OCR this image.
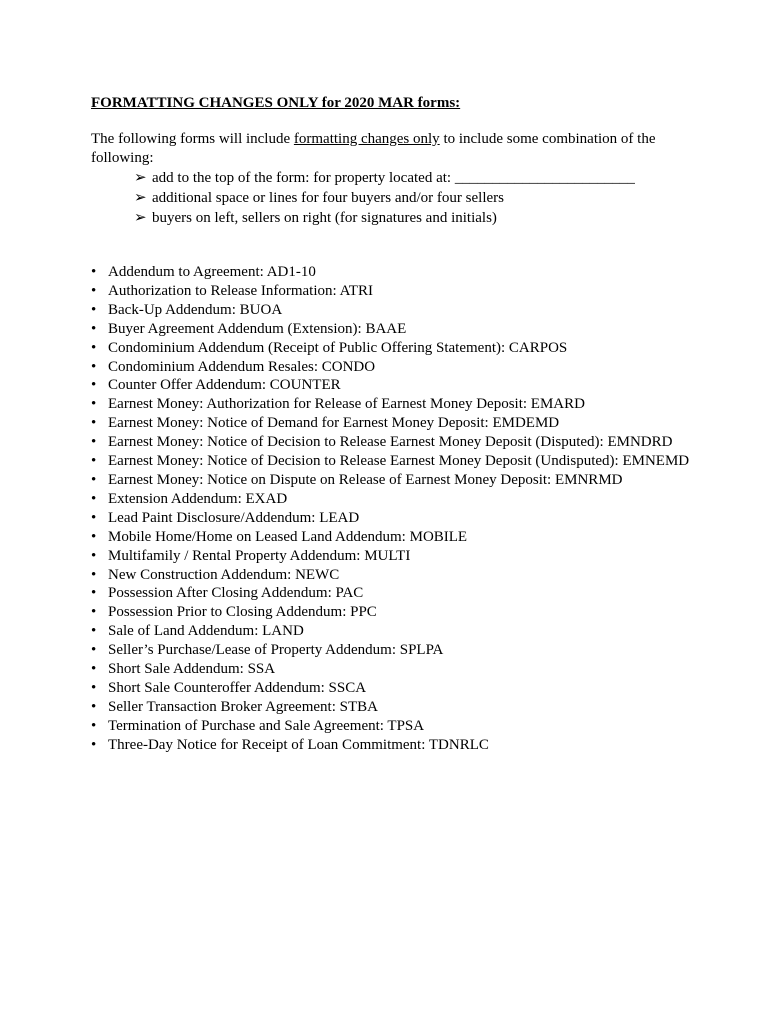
FORMATTING CHANGES ONLY for 2020 MAR forms:
The following forms will include formatting changes only to include some combination of the following:
➢ add to the top of the form: for property located at: ________________________
➢ additional space or lines for four buyers and/or four sellers
➢ buyers on left, sellers on right (for signatures and initials)
• Addendum to Agreement: AD1-10
• Authorization to Release Information: ATRI
• Back-Up Addendum: BUOA
• Buyer Agreement Addendum (Extension): BAAE
• Condominium Addendum (Receipt of Public Offering Statement): CARPOS
• Condominium Addendum Resales: CONDO
• Counter Offer Addendum: COUNTER
• Earnest Money: Authorization for Release of Earnest Money Deposit: EMARD
• Earnest Money: Notice of Demand for Earnest Money Deposit: EMDEMD
• Earnest Money: Notice of Decision to Release Earnest Money Deposit (Disputed): EMNDRD
• Earnest Money: Notice of Decision to Release Earnest Money Deposit (Undisputed): EMNEMD
• Earnest Money: Notice on Dispute on Release of Earnest Money Deposit: EMNRMD
• Extension Addendum: EXAD
• Lead Paint Disclosure/Addendum: LEAD
• Mobile Home/Home on Leased Land Addendum: MOBILE
• Multifamily / Rental Property Addendum: MULTI
• New Construction Addendum: NEWC
• Possession After Closing Addendum: PAC
• Possession Prior to Closing Addendum: PPC
• Sale of Land Addendum: LAND
• Seller’s Purchase/Lease of Property Addendum: SPLPA
• Short Sale Addendum: SSA
• Short Sale Counteroffer Addendum: SSCA
• Seller Transaction Broker Agreement: STBA
• Termination of Purchase and Sale Agreement: TPSA
• Three-Day Notice for Receipt of Loan Commitment: TDNRLC
